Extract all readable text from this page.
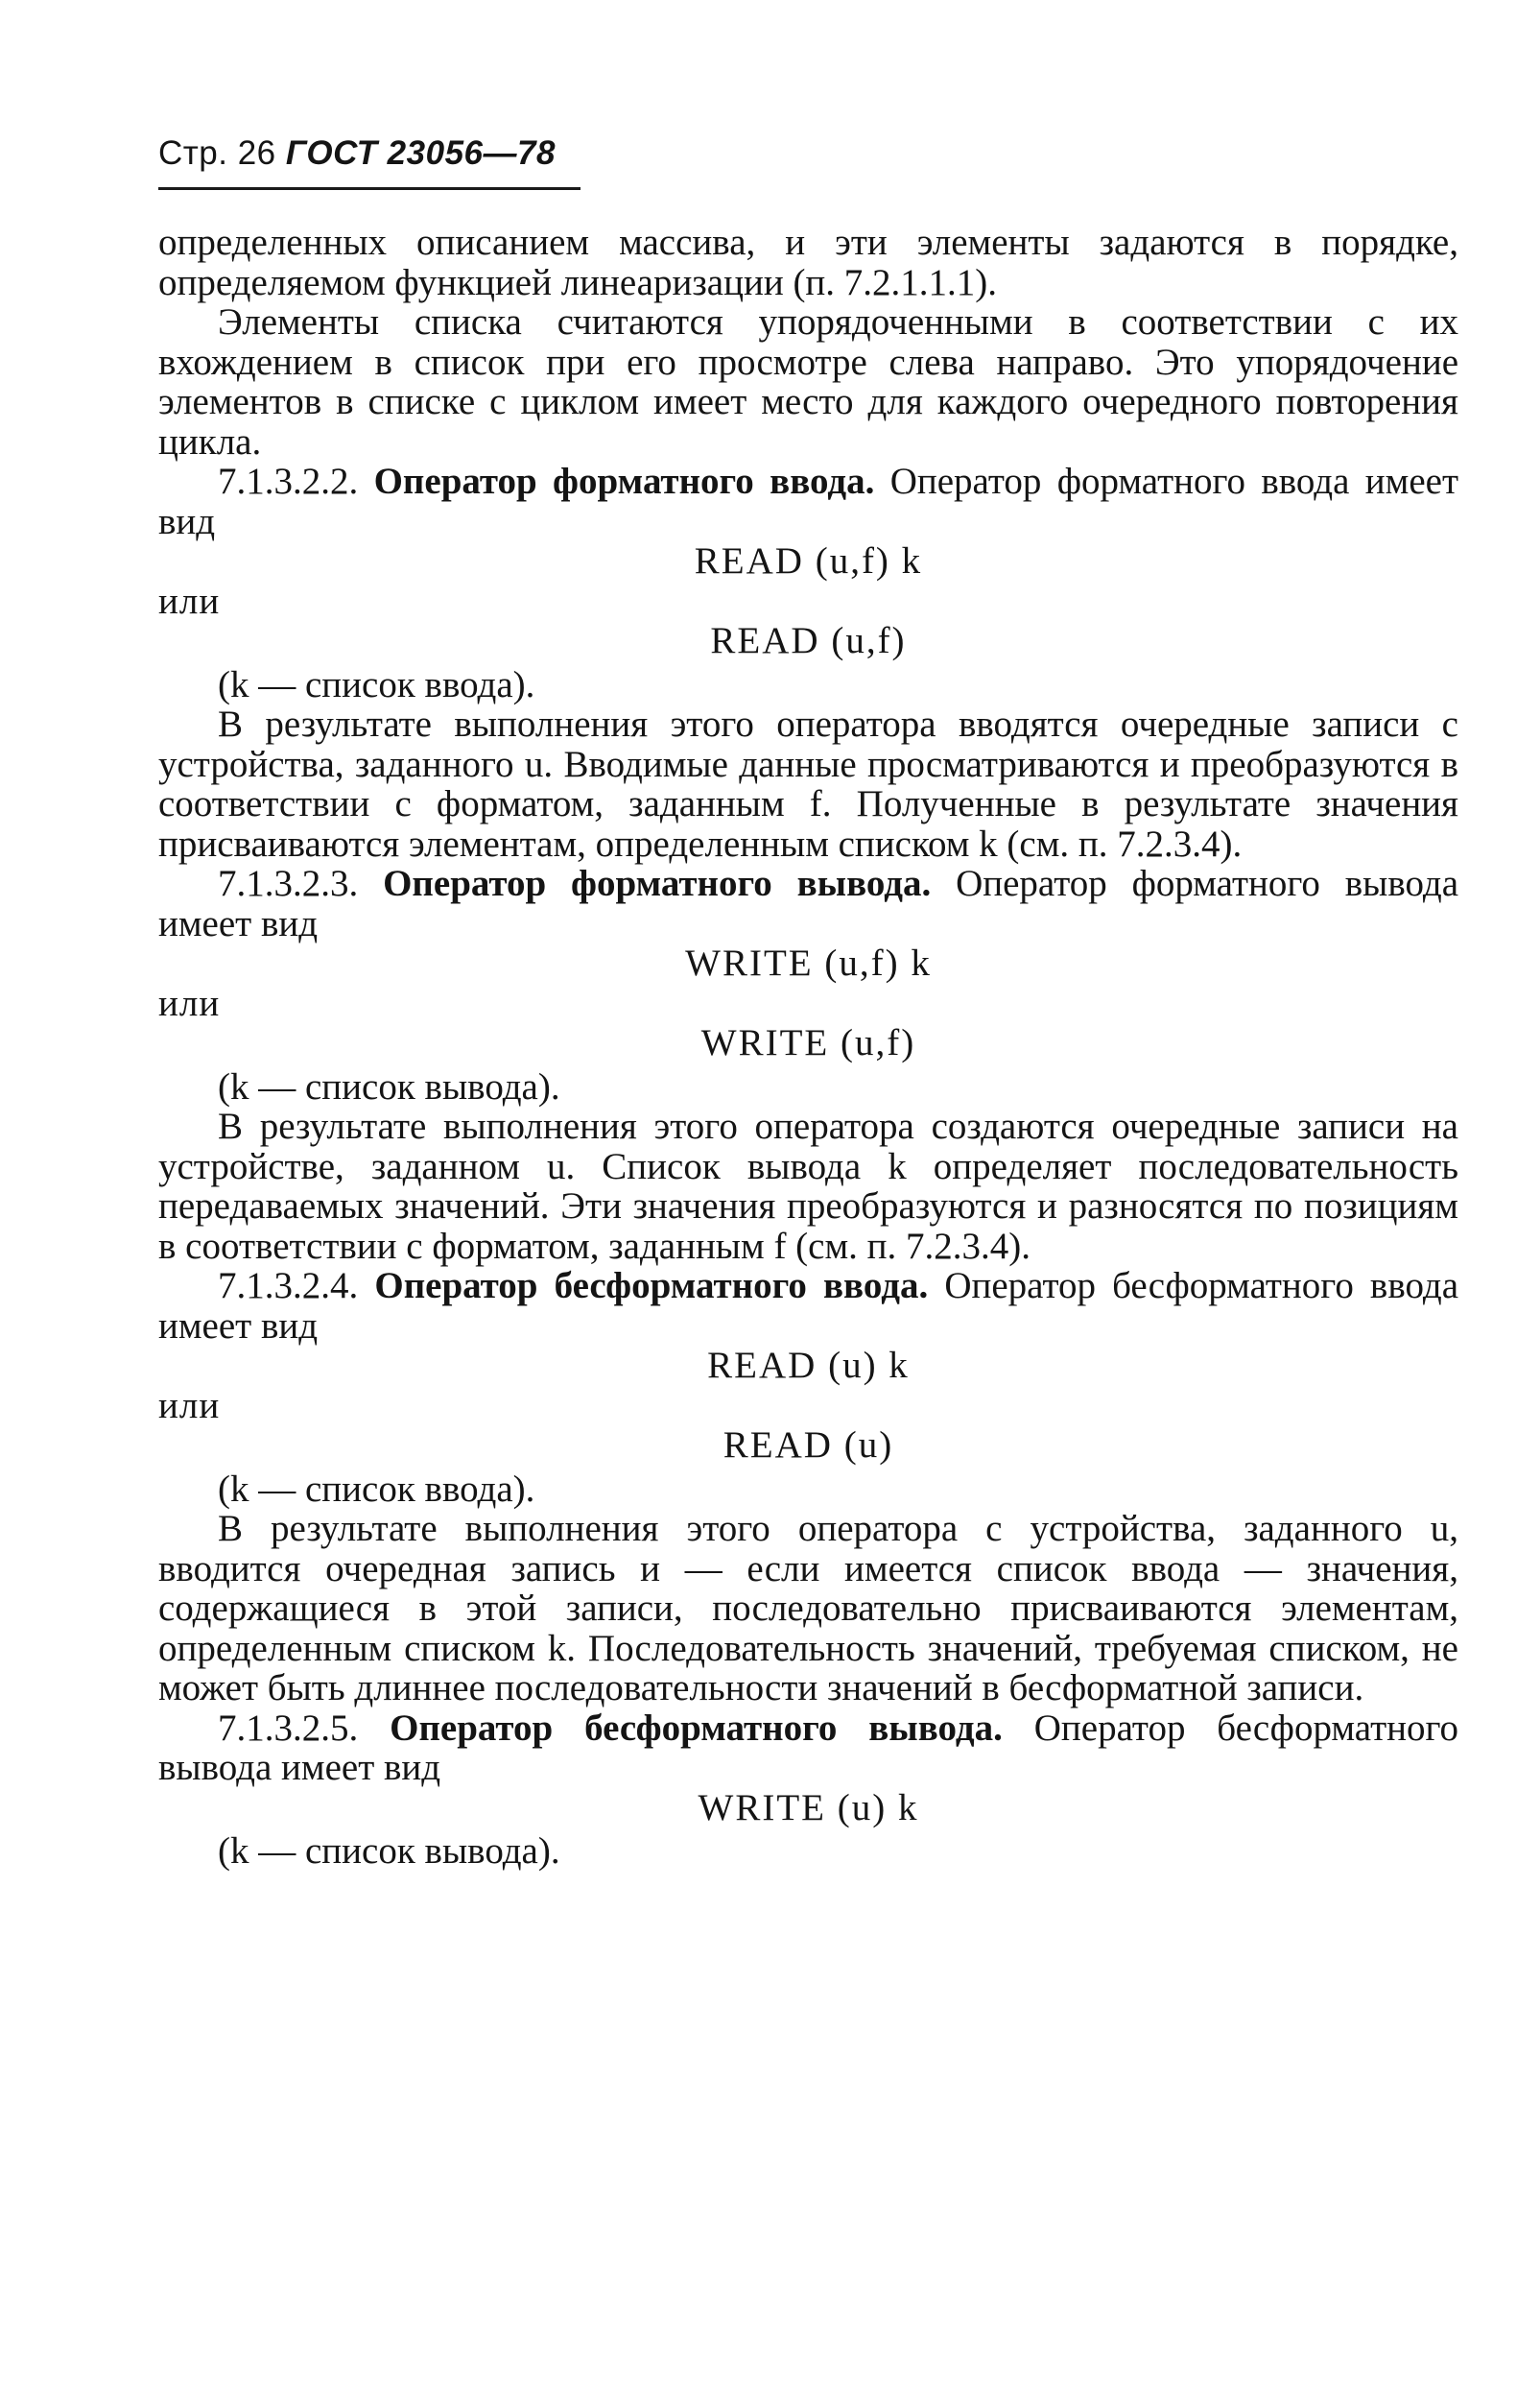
Стр. 26 ГОСТ 23056—78

определенных описанием массива, и эти элементы задаются в порядке, определяемом функцией линеаризации (п. 7.2.1.1.1).

Элементы списка считаются упорядоченными в соответствии с их вхождением в список при его просмотре слева направо. Это упорядочение элементов в списке с циклом имеет место для каждого очередного повторения цикла.

7.1.3.2.2. Оператор форматного ввода. Оператор форматного ввода имеет вид

READ (u,f) k

или

READ (u,f)

(k — список ввода).

В результате выполнения этого оператора вводятся очередные записи с устройства, заданного u. Вводимые данные просматриваются и преобразуются в соответствии с форматом, заданным f. Полученные в результате значения присваиваются элементам, определенным списком k (см. п. 7.2.3.4).

7.1.3.2.3. Оператор форматного вывода. Оператор форматного вывода имеет вид

WRITE (u,f) k

или

WRITE (u,f)

(k — список вывода).

В результате выполнения этого оператора создаются очередные записи на устройстве, заданном u. Список вывода k определяет последовательность передаваемых значений. Эти значения преобразуются и разносятся по позициям в соответствии с форматом, заданным f (см. п. 7.2.3.4).

7.1.3.2.4. Оператор бесформатного ввода. Оператор бесформатного ввода имеет вид

READ (u) k

или

READ (u)

(k — список ввода).

В результате выполнения этого оператора с устройства, заданного u, вводится очередная запись и — если имеется список ввода — значения, содержащиеся в этой записи, последовательно присваиваются элементам, определенным списком k. Последовательность значений, требуемая списком, не может быть длиннее последовательности значений в бесформатной записи.

7.1.3.2.5. Оператор бесформатного вывода. Оператор бесформатного вывода имеет вид

WRITE (u) k

(k — список вывода).
